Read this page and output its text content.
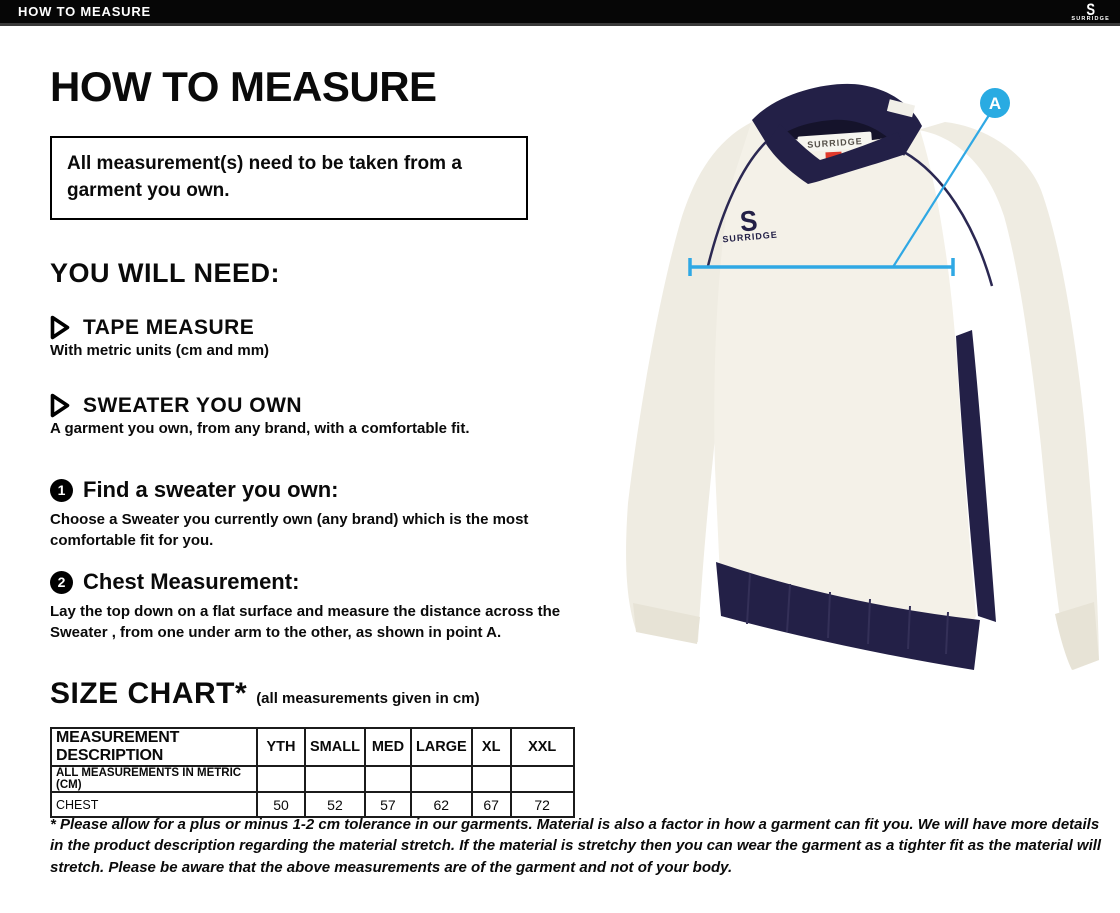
HOW TO MEASURE	S
SURRIDGE
HOW TO MEASURE
All measurement(s) need to be taken from a garment you own.
YOU WILL NEED:
TAPE MEASURE
With metric units (cm and mm)
SWEATER YOU OWN
A garment you own, from any brand, with a comfortable fit.
1 Find a sweater you own:
Choose a Sweater you currently own (any brand) which is the most comfortable fit for you.
2 Chest Measurement:
Lay the top down on a flat surface and measure the distance across the Sweater , from one under arm to the other, as shown in point A.
SIZE CHART* (all measurements given in cm)
MEASUREMENT DESCRIPTION	YTH	SMALL	MED	LARGE	XL	XXL
ALL MEASUREMENTS IN METRIC (CM)						
CHEST	50	52	57	62	67	72
* Please allow for a plus or minus 1-2 cm tolerance in our garments. Material is also a factor in how a garment can fit you. We will have more details in the product description regarding the material stretch. If the material is stretchy then you can wear the garment as a tighter fit as the material will stretch. Please be aware that the above measurements are of the garment and not of your body.
SURRIDGE
S
SURRIDGE
A
